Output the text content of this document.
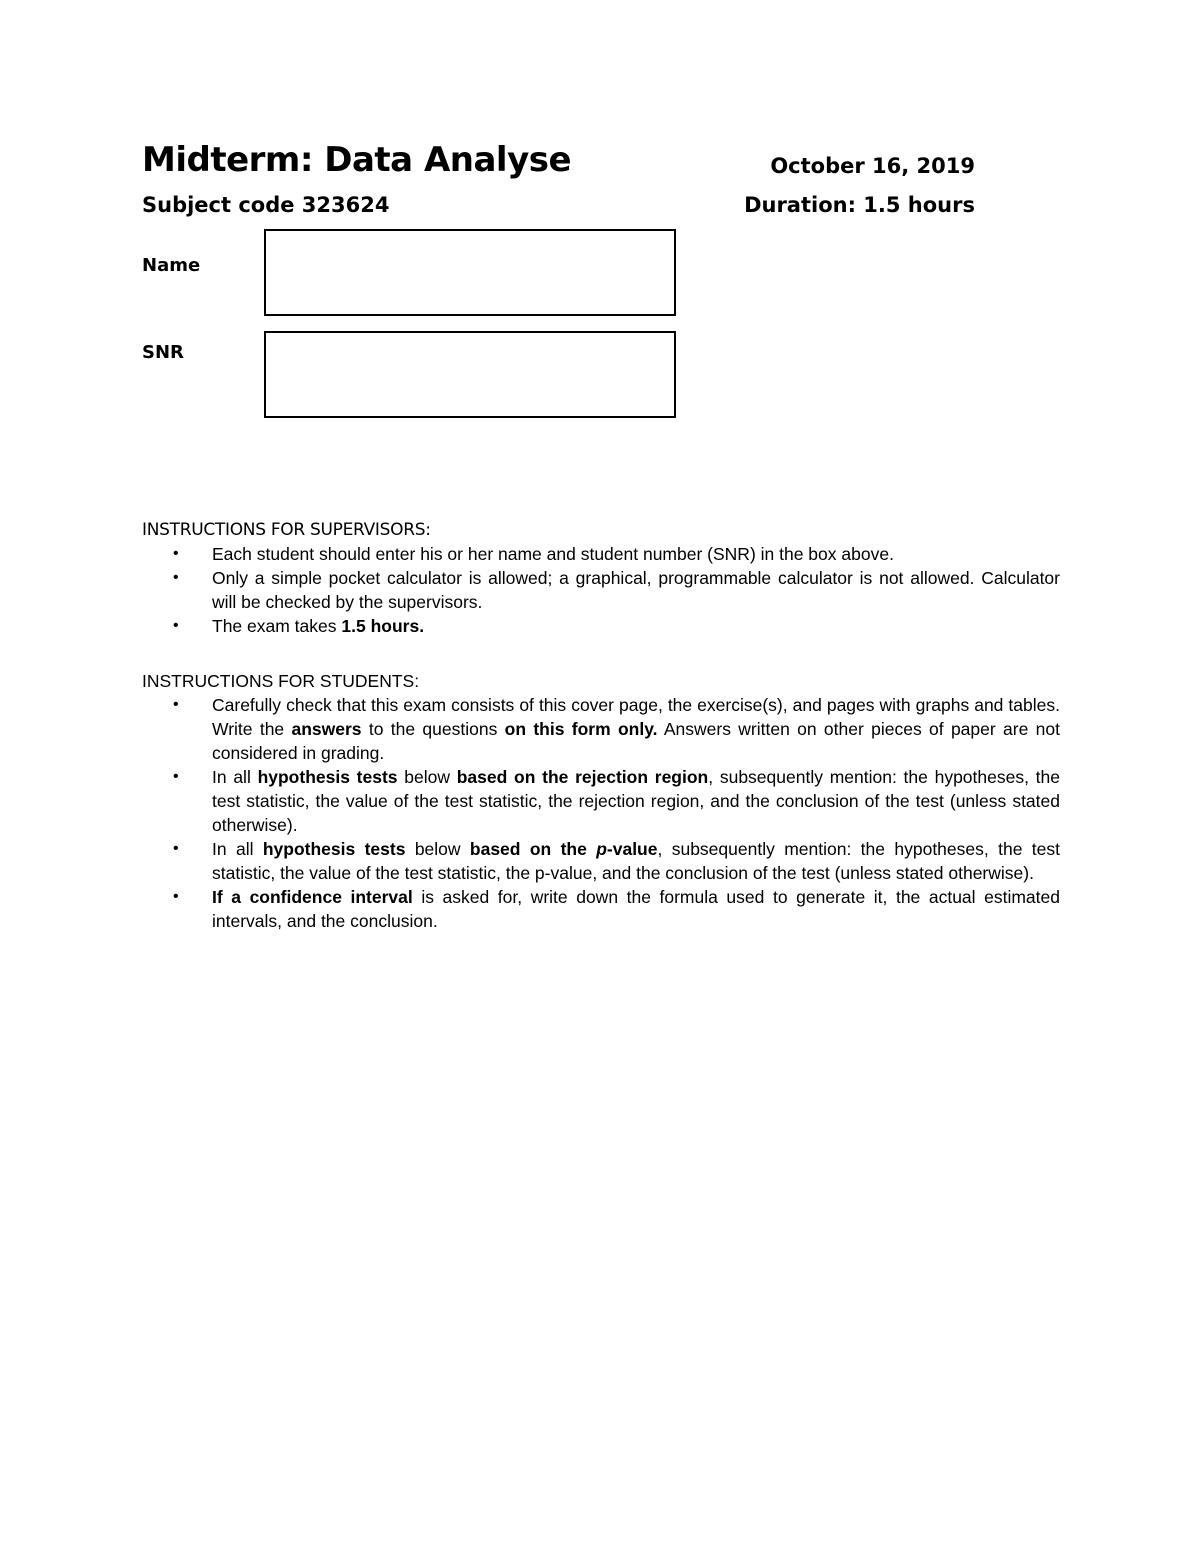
Midterm: Data Analyse	October 16, 2019
Subject code 323624	Duration: 1.5 hours
Name
SNR

INSTRUCTIONS FOR SUPERVISORS:

• Each student should enter his or her name and student number (SNR) in the box above.
• Only a simple pocket calculator is allowed; a graphical, programmable calculator is not allowed. Calculator will be checked by the supervisors.
• The exam takes 1.5 hours.

INSTRUCTIONS FOR STUDENTS:

• Carefully check that this exam consists of this cover page, the exercise(s), and pages with graphs and tables. Write the answers to the questions on this form only. Answers written on other pieces of paper are not considered in grading.
• In all hypothesis tests below based on the rejection region, subsequently mention: the hypotheses, the test statistic, the value of the test statistic, the rejection region, and the conclusion of the test (unless stated otherwise).
• In all hypothesis tests below based on the p-value, subsequently mention: the hypotheses, the test statistic, the value of the test statistic, the p-value, and the conclusion of the test (unless stated otherwise).
• If a confidence interval is asked for, write down the formula used to generate it, the actual estimated intervals, and the conclusion.
